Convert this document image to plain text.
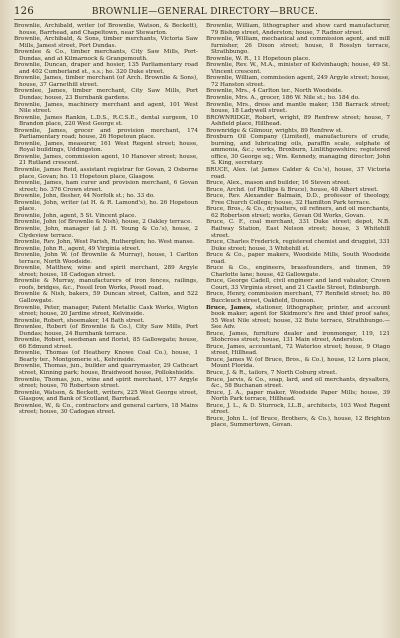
126	BROWNLIE—GENERAL DIRECTORY—BRUCE.

Brownlie, Archibald, writer (of Brownlie, Watson, & Beckett), house, Barrhead, and Chapeltown, near Stewarton.

Brownlie, Archibald, & Sons, timber merchants, Victoria Saw Mills, Jamest street, Port Dundas.

Brownlee & Co., timber merchants, City Saw Mills, Port-Dundas, and at Kilmarnock & Grangemouth.

Brownlie, Duncan, draper and hosier, 135 Parliamentary road and 402 Cumberland st., s.s.; ho. 320 Duke street.

Brownlie, James, timber merchant (of Arch. Brownlie & Sons), house, 37 Garnethill street.

Brownlee, James, timber merchant, City Saw Mills, Port Dundas; house, 23 Burnbank gardens.

Brownlie, James, machinery merchant and agent, 101 West Nile street.

Brownlie, James Rankin, L.D.S., R.C.S.E., dental surgeon, 10 Brandon place, 220 West George st.

Brownlie, James, grocer and provision merchant, 174 Parliamentary road; house, 26 Hopetoun place.

Brownlie, James, measurer, 161 West Regent street; house, Royal buildings, Uddingston.

Brownlie, James, commission agent, 10 Hanover street; house, 21 Rutland crescent.

Brownlie, James Reid, assistant registrar for Govan, 2 Osborne place, Govan; ho. 11 Hopetoun place, Glasgow.

Brownlie, James, ham curer and provision merchant, 6 Govan street; ho. 376 Crown street.

Brownlie, John, flesher, 44 Norfolk st.; ho. 33 do.

Brownlie, John, writer (at H. & R. Lamond's), ho. 26 Hopetoun place.

Brownlie, John, agent, 5 St. Vincent place.

Brownlie, John (of Brownlie & Nish), house, 2 Oakley terrace.

Brownlie, John, manager (at J. H. Young & Co.'s), house, 2 Clydeview terrace.

Brownlie, Rev. John, West Parish, Rutherglen; ho. West manse.

Brownlie, John R., agent, 49 Virginia street.

Brownlie, John W. (of Brownlie & Murray), house, 1 Carlton terrace, North Woodside.

Brownlie, Matthew, wine and spirit merchant, 289 Argyle street; house, 18 Cadogan street.

Brownlie & Murray, manufacturers of iron fences, railings, roofs, bridges, &c., Fossil Iron Works, Possil road.

Brownlie & Nish, bakers, 59 Duncan street, Calton, and 522 Gallowgate.

Brownlie, Peter, manager, Patent Metallic Cask Works, Wigton street; house, 20 Jardine street, Kelvinside.

Brownlie, Robert, shoemaker, 14 Bath street.

Brownlee, Robert (of Brownlie & Co.), City Saw Mills, Port Dundas; house, 24 Burnbank terrace.

Brownlie, Robert, seedsman and florist, 85 Gallowgate; house, 66 Edmund street.

Brownlie, Thomas (of Heathery Knowe Coal Co.), house, 1 Bearly ter., Montgomerie st., Kelvinside.

Brownlie, Thomas, jun., builder and quarrymaster, 29 Cathcart street, Kinning park; house, Braidwood house, Pollokshields.

Brownlie, Thomas, jun., wine and spirit merchant, 177 Argyle street; house, 70 Robertson street.

Brownlie, Watson, & Beckett, writers, 225 West George street, Glasgow, and Bank of Scotland, Barrhead.

Brownlee, W., & Co., contractors and general carters, 18 Mains street; house, 30 Cadogan street.

Brownlie, William, lithographer and show card manufacturer, 79 Bishop street, Anderston; house, 7 Radnor street.

Brownlie, William, mechanical and commission agent, and mill furnisher, 26 Dixon street; house, 8 Rosslyn terrace, Strathbungo.

Brownlie, W. R., 11 Hopetoun place.

Brownlie, Rev. W., M.A., minister of Kelvinhaugh; house, 49 St. Vincent crescent.

Brownlie, William, commission agent, 249 Argyle street; house, 72 Hanston street.

Brownlie, Mrs., 4 Carlton ter., North Woodside.

Brownlie, Mrs. A., grocer, 186 W. Nile st.; ho. 184 do.

Brownlie, Mrs., dress and mantle maker, 158 Barrack street; house, 18 Ladywell street.

BROWNRIDGE, Robert, wright, 89 Renfrew street; house, 7 Ashfield place, Hillhead.

Brownridge & Gilmour, wrights, 89 Renfrew st.

Broxburn Oil Company (Limited), manufacturers of crude, burning, and lubricating oils, paraffin scale, sulphate of ammonia, &c.; works, Broxburn, Linlithgowshire; registered office, 30 George sq.; Wm. Kennedy, managing director; John S. King, secretary.

BRUCE, Alex. (at James Calder & Co.'s), house, 37 Victoria road.

Bruce, Alex., mason and builder, 16 Steven street.

Bruce, Archd. (of Phillips & Bruce), house, 48 Albert street.

Bruce, Rev. Alexander Balmain, D.D., professor of theology, Free Church College; house, 32 Hamilton Park terrace.

Bruce, Bros., & Co., drysalters, oil refiners, and oil merchants, 62 Robertson street; works, Govan Oil Works, Govan.

Bruce, C. F., coal merchant, 331 Duke street; depot, N.B. Railway Station, East Nelson street; house, 3 Whitehill street.

Bruce, Charles Frederick, registered chemist and druggist, 331 Duke street; house, 3 Whitehill st.

Bruce & Co., paper makers, Woodside Mills, South Woodside road.

Bruce & Co., engineers, brassfounders, and tinmen, 59 Charlotte lane; house, 42 Gallowgate.

Bruce, George Cadell, civil engineer and land valuator, Crown Court, 33 Virginia street, and 21 Castle Street, Edinburgh.

Bruce, Henry, commission merchant, 77 Renfield street; ho. 80 Buccleuch street, Oakfield, Dunoon.

Bruce, James, stationer, lithographer, printer, and account book maker; agent for Skidmore's fire and thief proof safes, 55 West Nile street; house, 32 Bute terrace, Strathbungo.—See Adv.

Bruce, James, furniture dealer and ironmonger, 119, 121 Stobcross street; house, 131 Main street, Anderston.

Bruce, James, accountant, 72 Waterloo street; house, 9 Otago street, Hillhead.

Bruce, James W. (of Bruce, Bros., & Co.), house, 12 Lorn place, Mount Florida.

Bruce, J. & R., tailors, 7 North Coburg street.

Bruce, Jarvis, & Co., soap, lard, and oil merchants, drysalters, &c., 58 Buchanan street.

Bruce, J. A., paper maker, Woodside Paper Mills; house, 39 North Park terrace, Hillhead.

Bruce, J. L., & D. Sturrock, LL.B., architects, 103 West Regent street.

Bruce, John L. (of Bruce, Brothers, & Co.), house, 12 Brighton place, Summertown, Govan.
